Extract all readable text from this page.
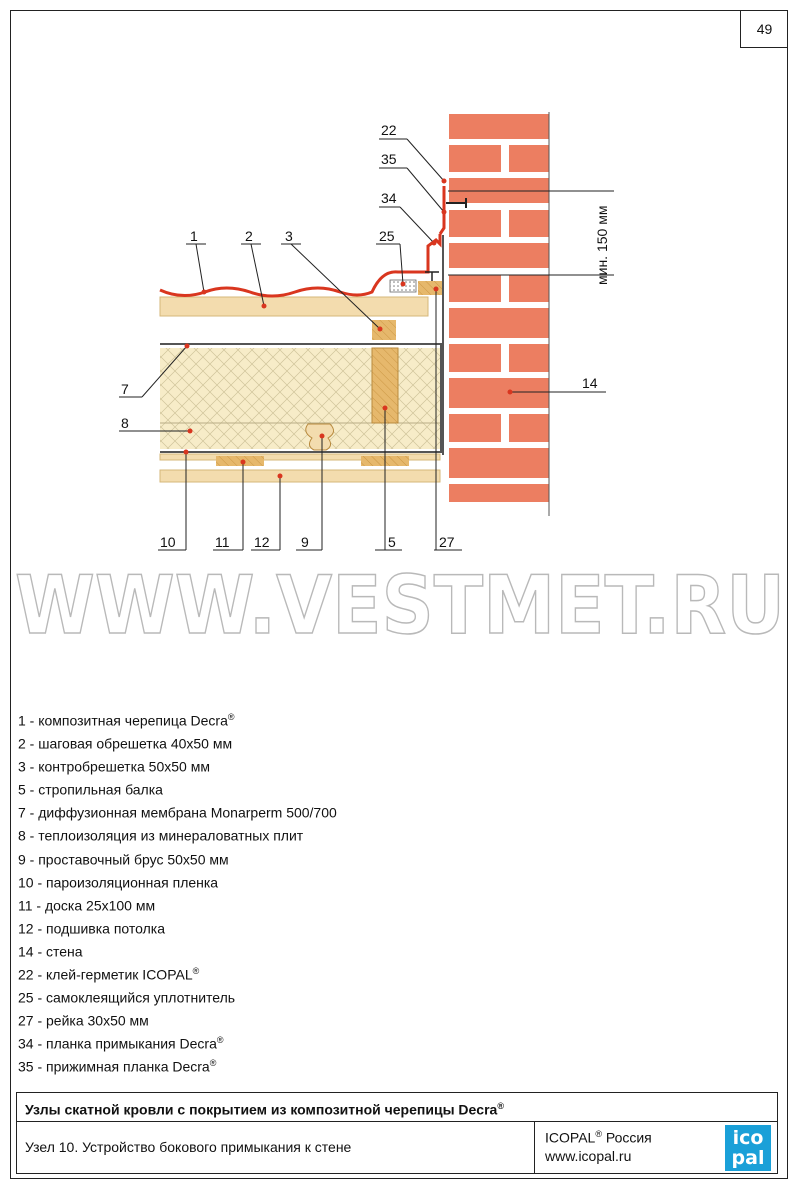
49
WWW.VESTMET.RU
мин. 150 мм
1	2 3	25
22
35
34
7
8
10	11 12 9	5	27
14
1 - композитная черепица Decra®
2 - шаговая обрешетка 40х50 мм
3 - контробрешетка 50х50 мм
5 - стропильная балка
7 - диффузионная мембрана Monarperm 500/700
8 - теплоизоляция из минераловатных плит
9 - проставочный брус 50х50 мм
10 - пароизоляционная пленка
11 - доска 25х100 мм
12 - подшивка потолка
14 - стена
22 - клей-герметик ICOPAL®
25 - самоклеящийся уплотнитель
27 - рейка 30х50 мм
34 - планка примыкания Decra®
35 - прижимная планка Decra®
Узлы скатной кровли с покрытием из композитной черепицы Decra®
Узел 10. Устройство бокового примыкания к стене
ICOPAL® Россия
www.icopal.ru
ico
pal
